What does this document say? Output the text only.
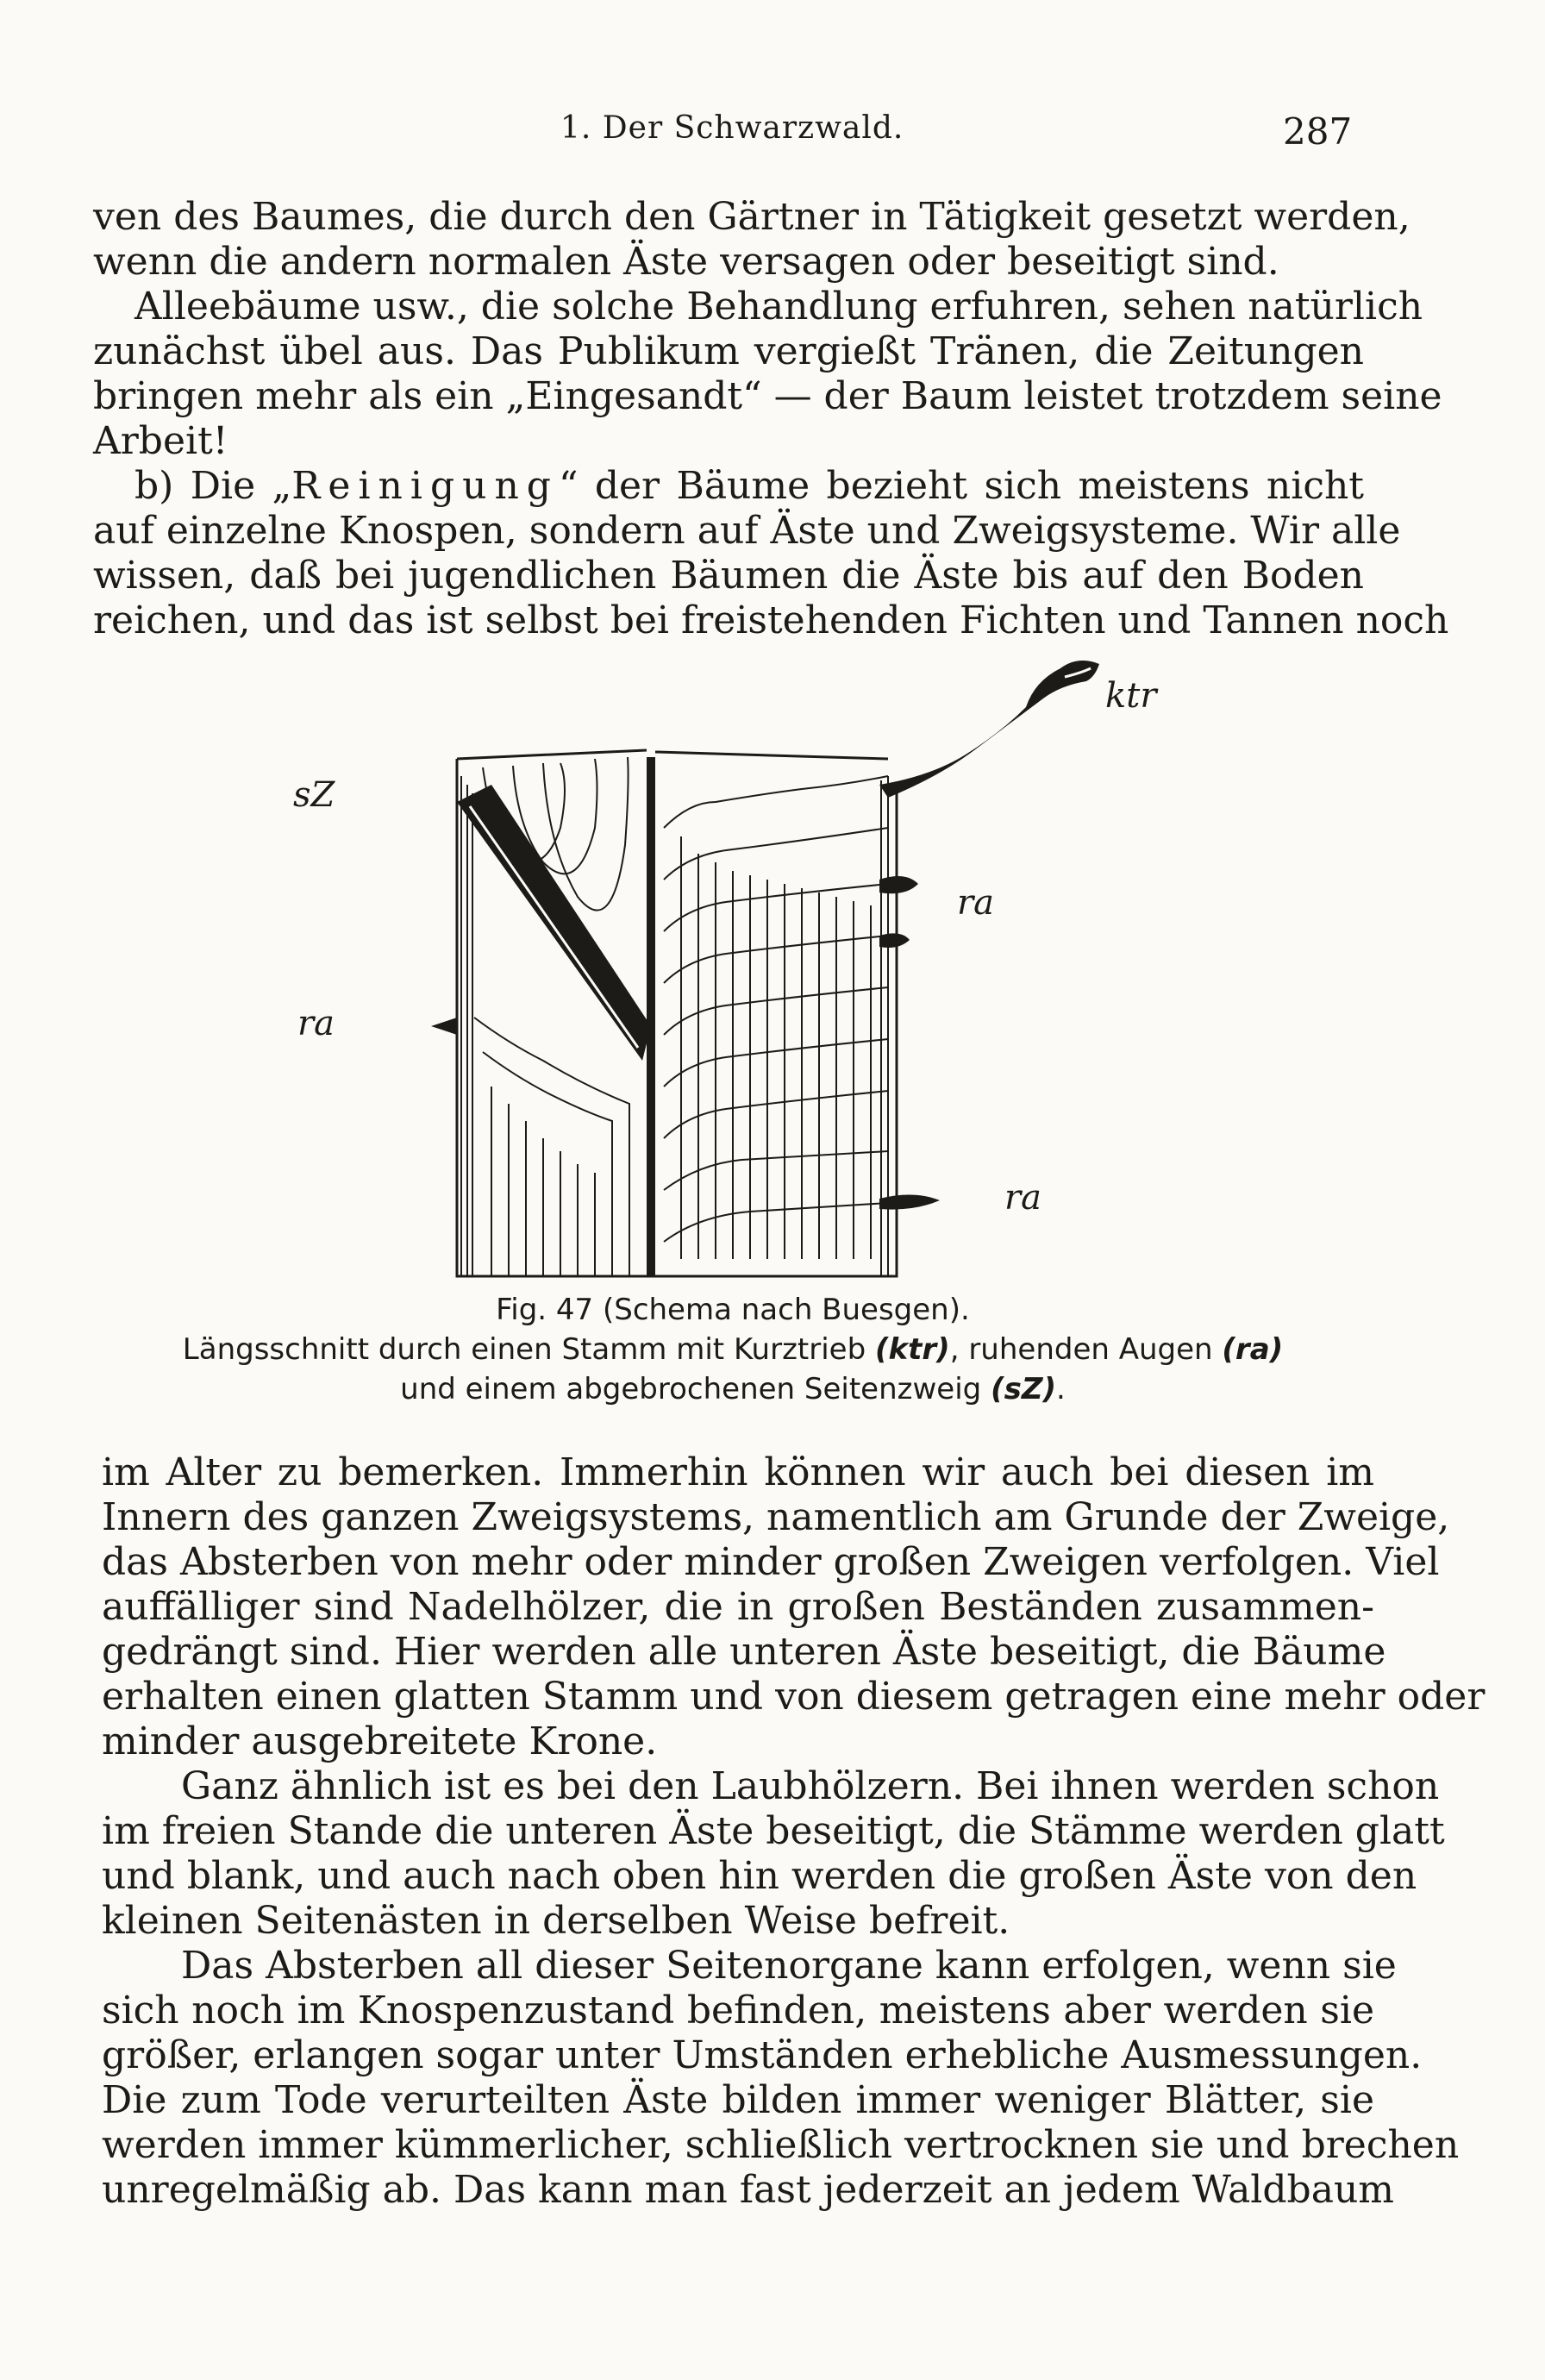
1. Der Schwarzwald.	287
ven des Baumes, die durch den Gärtner in Tätigkeit gesetzt werden,
wenn die andern normalen Äste versagen oder beseitigt sind.
Alleebäume usw., die solche Behandlung erfuhren, sehen natürlich
zunächst übel aus. Das Publikum vergießt Tränen, die Zeitungen
bringen mehr als ein „Eingesandt“ — der Baum leistet trotzdem seine
Arbeit!
b) Die „Reinigung“ der Bäume bezieht sich meistens nicht
auf einzelne Knospen, sondern auf Äste und Zweigsysteme. Wir alle
wissen, daß bei jugendlichen Bäumen die Äste bis auf den Boden
reichen, und das ist selbst bei freistehenden Fichten und Tannen noch
ktr
sZ
ra
ra
ra
Fig. 47 (Schema nach Buesgen).
Längsschnitt durch einen Stamm mit Kurztrieb (ktr), ruhenden Augen (ra)
und einem abgebrochenen Seitenzweig (sZ).
im Alter zu bemerken. Immerhin können wir auch bei diesen im
Innern des ganzen Zweigsystems, namentlich am Grunde der Zweige,
das Absterben von mehr oder minder großen Zweigen verfolgen. Viel
auffälliger sind Nadelhölzer, die in großen Beständen zusammen-
gedrängt sind. Hier werden alle unteren Äste beseitigt, die Bäume
erhalten einen glatten Stamm und von diesem getragen eine mehr oder
minder ausgebreitete Krone.
Ganz ähnlich ist es bei den Laubhölzern. Bei ihnen werden schon
im freien Stande die unteren Äste beseitigt, die Stämme werden glatt
und blank, und auch nach oben hin werden die großen Äste von den
kleinen Seitenästen in derselben Weise befreit.
Das Absterben all dieser Seitenorgane kann erfolgen, wenn sie
sich noch im Knospenzustand befinden, meistens aber werden sie
größer, erlangen sogar unter Umständen erhebliche Ausmessungen.
Die zum Tode verurteilten Äste bilden immer weniger Blätter, sie
werden immer kümmerlicher, schließlich vertrocknen sie und brechen
unregelmäßig ab. Das kann man fast jederzeit an jedem Waldbaum
